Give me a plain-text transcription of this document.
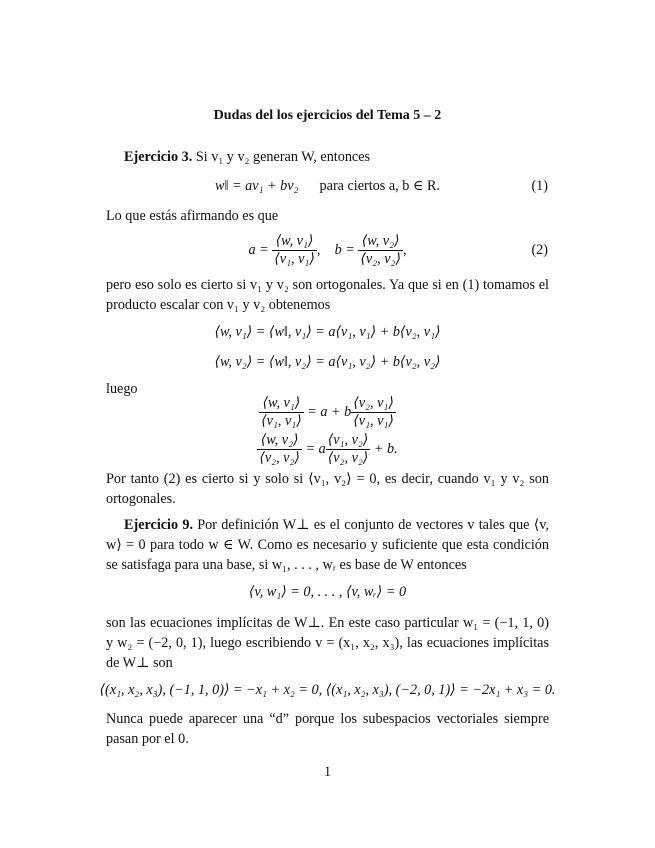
Dudas del los ejercicios del Tema 5 – 2
Ejercicio 3. Si v₁ y v₂ generan W, entonces
w‖ = av₁ + bv₂ para ciertos a, b ∈ R.	(1)
Lo que estás afirmando es que
$a = \frac{\text{⟨w, v₁⟩}}{\text{⟨v₁, v₁⟩}}$ ,    $b = \frac{\text{⟨w, v₂⟩}}{\text{⟨v₂, v₂⟩}}$ ,	(2)
pero eso solo es cierto si v₁ y v₂ son ortogonales. Ya que si en (1) tomamos el producto escalar con v₁ y v₂ obtenemos
⟨w, v₁⟩ = ⟨w‖, v₁⟩ = a⟨v₁, v₁⟩ + b⟨v₂, v₁⟩
⟨w, v₂⟩ = ⟨w‖, v₂⟩ = a⟨v₁, v₂⟩ + b⟨v₂, v₂⟩
luego
$\frac{\text{⟨w, v₁⟩}}{\text{⟨v₁, v₁⟩}} = a + b \frac{\text{⟨v₂, v₁⟩}}{\text{⟨v₁, v₁⟩}}$
$\frac{\text{⟨w, v₂⟩}}{\text{⟨v₂, v₂⟩}} = a \frac{\text{⟨v₁, v₂⟩}}{\text{⟨v₂, v₂⟩}} + b$.
Por tanto (2) es cierto si y solo si ⟨v₁, v₂⟩ = 0, es decir, cuando v₁ y v₂ son ortogonales.
Ejercicio 9. Por definición W⊥ es el conjunto de vectores v tales que ⟨v, w⟩ = 0 para todo w ∈ W. Como es necesario y suficiente que esta condición se satisfaga para una base, si w₁, . . . , wᵣ es base de W entonces
⟨v, w₁⟩ = 0, . . . , ⟨v, wᵣ⟩ = 0
son las ecuaciones implícitas de W⊥. En este caso particular w₁ = (−1, 1, 0) y w₂ = (−2, 0, 1), luego escribiendo v = (x₁, x₂, x₃), las ecuaciones implícitas de W⊥ son
⟨(x₁, x₂, x₃), (−1, 1, 0)⟩ = −x₁ + x₂ = 0, ⟨(x₁, x₂, x₃), (−2, 0, 1)⟩ = −2x₁ + x₃ = 0.
Nunca puede aparecer una “d” porque los subespacios vectoriales siempre pasan por el 0.
1
